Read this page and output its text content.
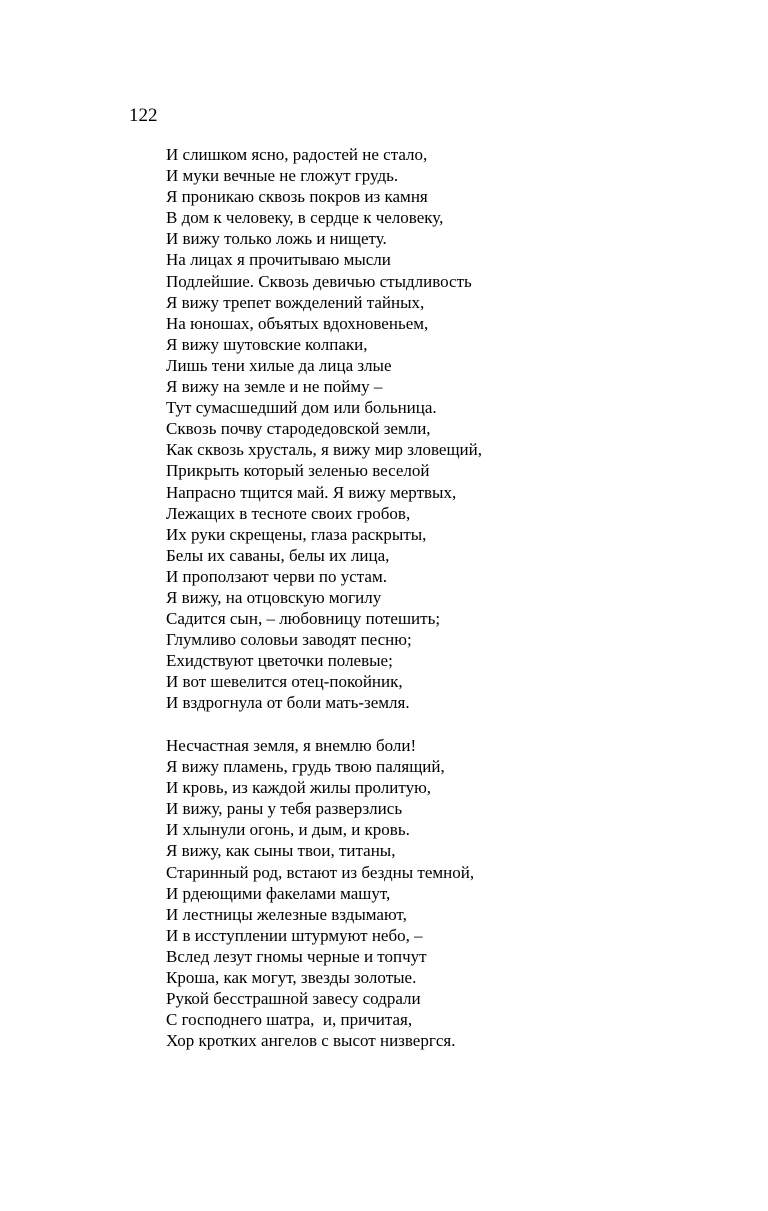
122
И слишком ясно, радостей не стало,
И муки вечные не гложут грудь.
Я проникаю сквозь покров из камня
В дом к человеку, в сердце к человеку,
И вижу только ложь и нищету.
На лицах я прочитываю мысли
Подлейшие. Сквозь девичью стыдливость
Я вижу трепет вожделений тайных,
На юношах, объятых вдохновеньем,
Я вижу шутовские колпаки,
Лишь тени хилые да лица злые
Я вижу на земле и не пойму –
Тут сумасшедший дом или больница.
Сквозь почву стародедовской земли,
Как сквозь хрусталь, я вижу мир зловещий,
Прикрыть который зеленью веселой
Напрасно тщится май. Я вижу мертвых,
Лежащих в тесноте своих гробов,
Их руки скрещены, глаза раскрыты,
Белы их саваны, белы их лица,
И проползают черви по устам.
Я вижу, на отцовскую могилу
Садится сын, – любовницу потешить;
Глумливо соловьи заводят песню;
Ехидствуют цветочки полевые;
И вот шевелится отец-покойник,
И вздрогнула от боли мать-земля.
Несчастная земля, я внемлю боли!
Я вижу пламень, грудь твою палящий,
И кровь, из каждой жилы пролитую,
И вижу, раны у тебя разверзлись
И хлынули огонь, и дым, и кровь.
Я вижу, как сыны твои, титаны,
Старинный род, встают из бездны темной,
И рдеющими факелами машут,
И лестницы железные вздымают,
И в исступлении штурмуют небо, –
Вслед лезут гномы черные и топчут
Кроша, как могут, звезды золотые.
Рукой бесстрашной завесу содрали
С господнего шатра,  и, причитая,
Хор кротких ангелов с высот низвергся.
